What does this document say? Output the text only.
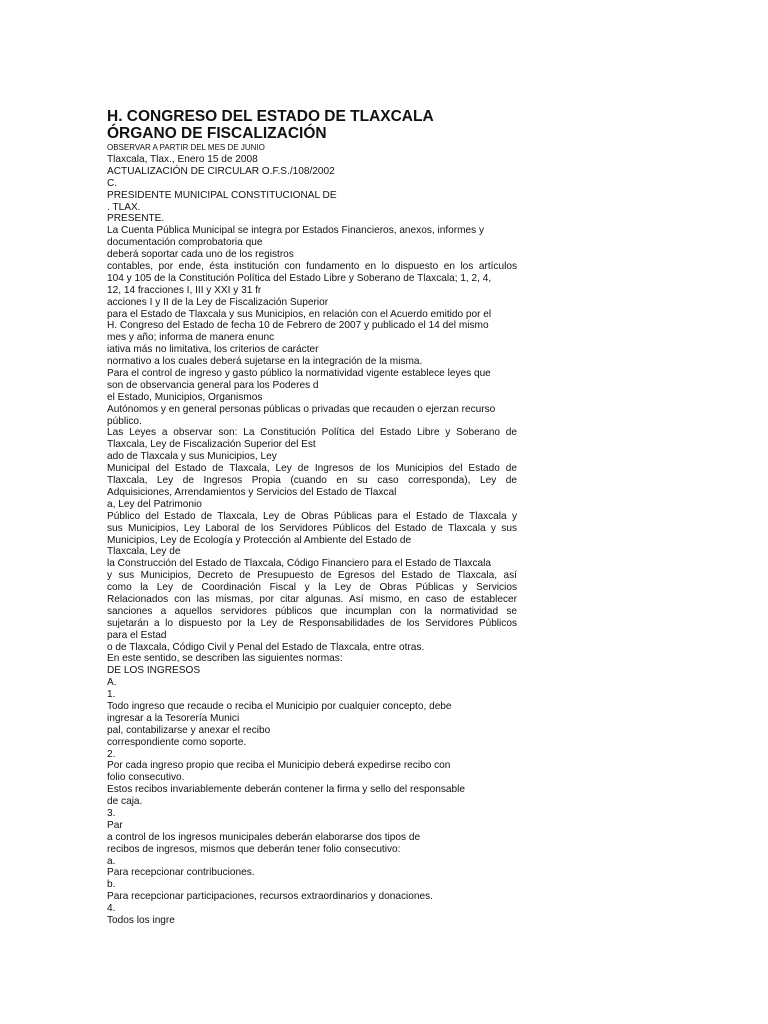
H. CONGRESO DEL ESTADO DE TLAXCALA
ÓRGANO DE FISCALIZACIÓN
OBSERVAR A PARTIR DEL MES DE JUNIO
Tlaxcala, Tlax., Enero 15 de 2008
ACTUALIZACIÓN DE CIRCULAR O.F.S./108/2002
C.
PRESIDENTE MUNICIPAL CONSTITUCIONAL DE
. TLAX.
PRESENTE.
La Cuenta Pública Municipal se integra por Estados Financieros, anexos, informes y
documentación comprobatoria que
deberá soportar cada uno de los registros
contables, por ende, ésta institución con fundamento en lo dispuesto en los artículos
104 y 105 de la Constitución Política del Estado Libre y Soberano de Tlaxcala; 1, 2, 4,
12, 14 fracciones I, III y XXI y 31 fr
acciones I y II de la Ley de Fiscalización Superior
para el Estado de Tlaxcala y sus Municipios, en relación con el Acuerdo emitido por el
H. Congreso del Estado de fecha 10 de Febrero de 2007 y publicado el 14 del mismo
mes y año; informa de manera enunc
iativa más no limitativa, los criterios de carácter
normativo a los cuales deberá sujetarse en la integración de la misma.
Para el control de ingreso y gasto público la normatividad vigente establece leyes que
son de observancia general para los Poderes d
el Estado, Municipios, Organismos
Autónomos y en general personas públicas o privadas que recauden o ejerzan recurso
público.
Las Leyes a observar son: La Constitución Política del Estado Libre y Soberano de
Tlaxcala, Ley de Fiscalización Superior del Est
ado de Tlaxcala y sus Municipios, Ley
Municipal del Estado de Tlaxcala, Ley de Ingresos de los Municipios del Estado de
Tlaxcala, Ley de Ingresos Propia (cuando en su caso corresponda), Ley de
Adquisiciones, Arrendamientos y Servicios del Estado de Tlaxcal
a, Ley del Patrimonio
Público del Estado de Tlaxcala, Ley de Obras Públicas para el Estado de Tlaxcala y
sus Municipios, Ley Laboral de los Servidores Públicos del Estado de Tlaxcala y sus
Municipios, Ley de Ecología y Protección al Ambiente del Estado de
Tlaxcala, Ley de
la Construcción del Estado de Tlaxcala, Código Financiero para el Estado de Tlaxcala
y sus Municipios, Decreto de Presupuesto de Egresos del Estado de Tlaxcala, así
como la Ley de Coordinación Fiscal y la Ley de Obras Públicas y Servicios
Relacionados con las mismas, por citar algunas. Así mismo, en caso de establecer
sanciones a aquellos servidores públicos que incumplan con la normatividad se
sujetarán a lo dispuesto por la Ley de Responsabilidades de los Servidores Públicos
para el Estad
o de Tlaxcala, Código Civil y Penal del Estado de Tlaxcala, entre otras.
En este sentido, se describen las siguientes normas:
DE LOS INGRESOS
A.
1.
Todo ingreso que recaude o reciba el Municipio por cualquier concepto, debe
ingresar a la Tesorería Munici
pal, contabilizarse y anexar el recibo
correspondiente como soporte.
2.
Por cada ingreso propio que reciba el Municipio deberá expedirse recibo con
folio consecutivo.
Estos recibos invariablemente deberán contener la firma y sello del responsable
de caja.
3.
Par
a control de los ingresos municipales deberán elaborarse dos tipos de
recibos de ingresos, mismos que deberán tener folio consecutivo:
a.
Para recepcionar contribuciones.
b.
Para recepcionar participaciones, recursos extraordinarios y donaciones.
4.
Todos los ingre
